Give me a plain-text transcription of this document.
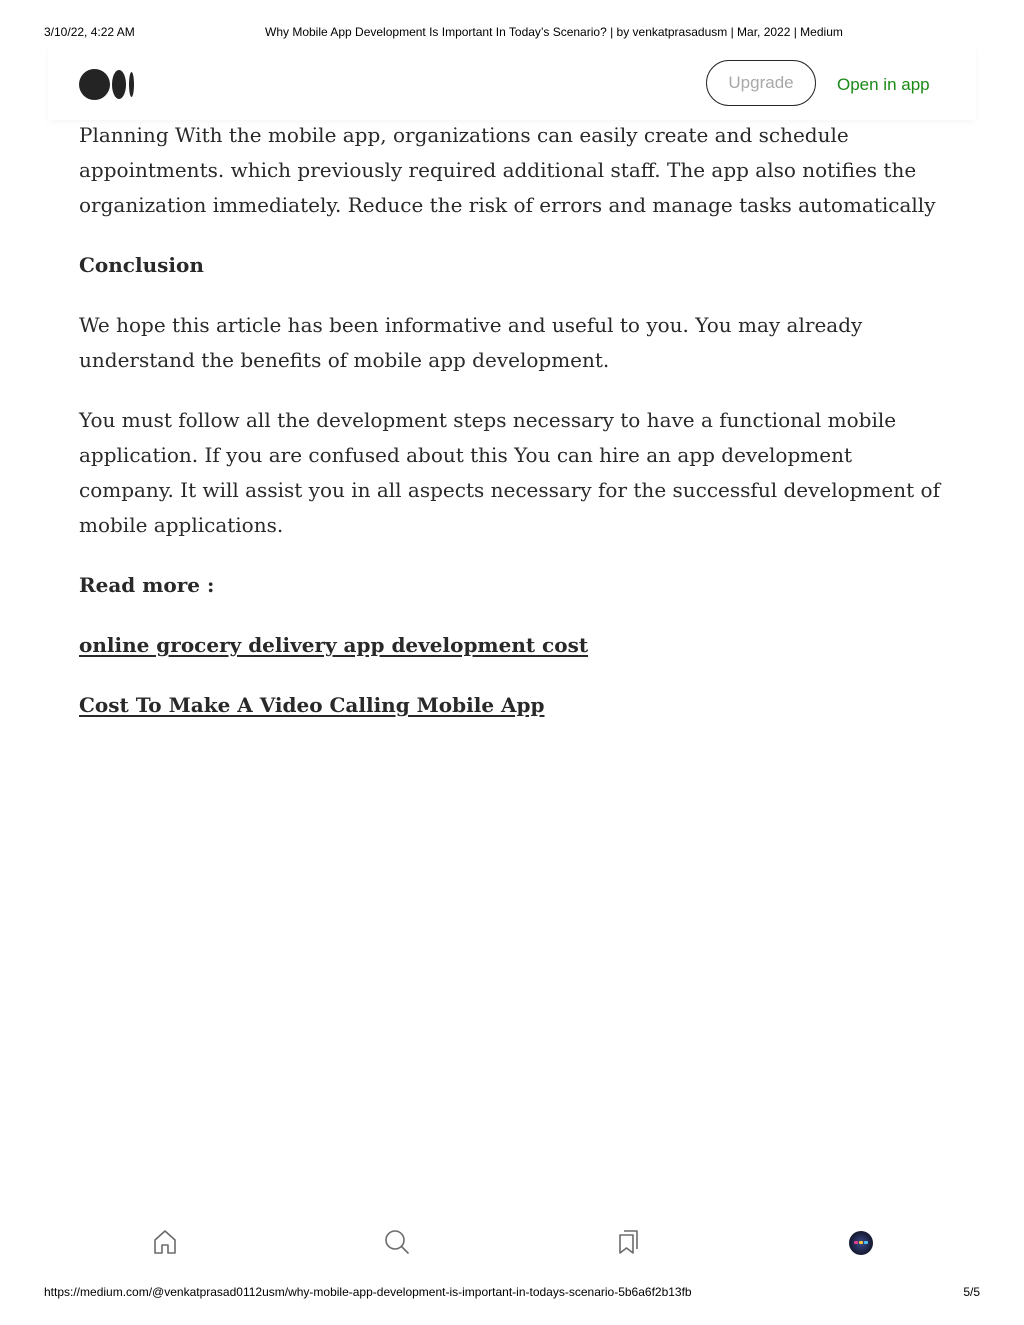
3/10/22, 4:22 AM	Why Mobile App Development Is Important In Today’s Scenario? | by venkatprasadusm | Mar, 2022 | Medium
Upgrade	Open in app

Planning With the mobile app, organizations can easily create and schedule appointments. which previously required additional staff. The app also notifies the organization immediately. Reduce the risk of errors and manage tasks automatically

Conclusion

We hope this article has been informative and useful to you. You may already understand the benefits of mobile app development.

You must follow all the development steps necessary to have a functional mobile application. If you are confused about this You can hire an app development company. It will assist you in all aspects necessary for the successful development of mobile applications.

Read more :

online grocery delivery app development cost

Cost To Make A Video Calling Mobile App

https://medium.com/@venkatprasad0112usm/why-mobile-app-development-is-important-in-todays-scenario-5b6a6f2b13fb	5/5
